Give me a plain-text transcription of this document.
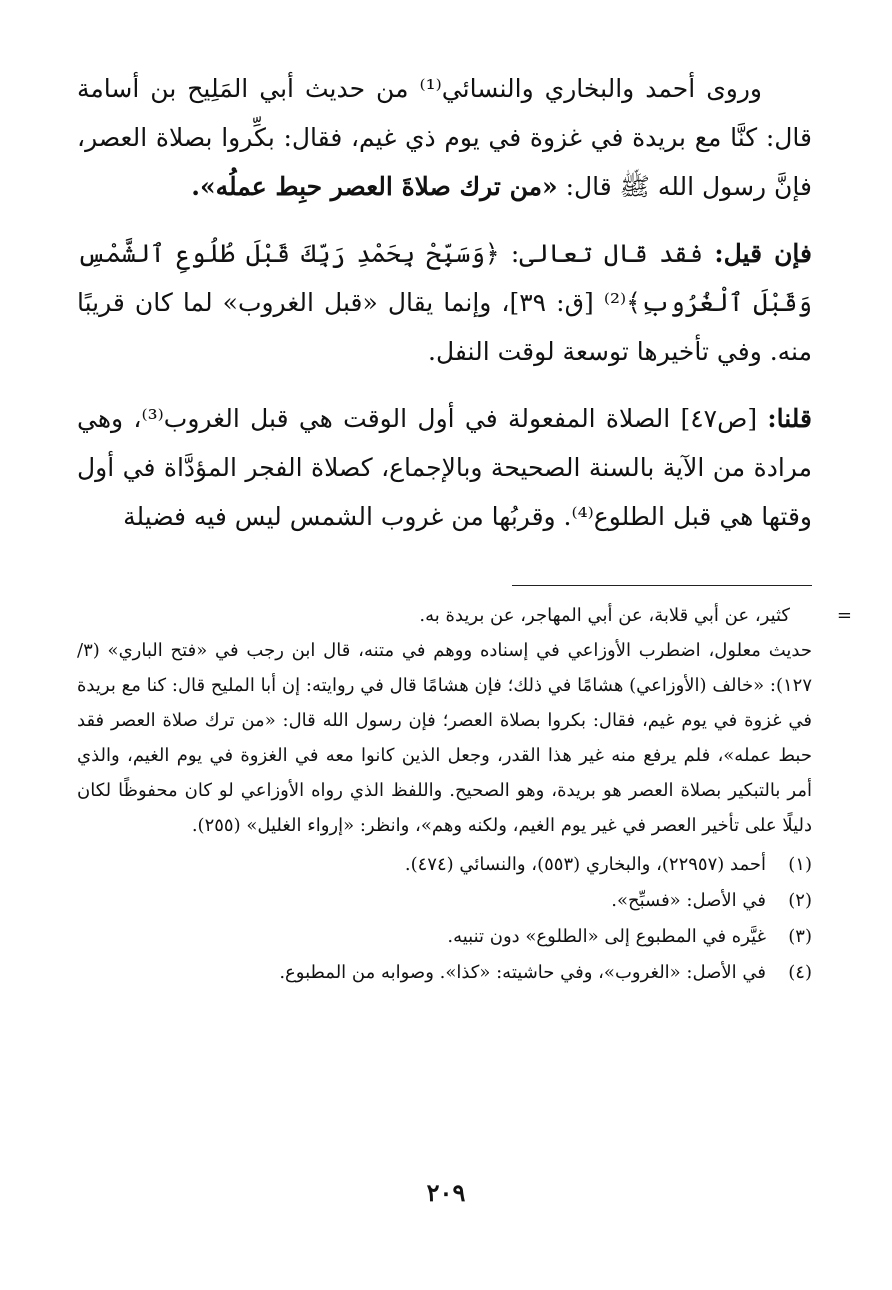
وروى أحمد والبخاري والنسائي⁽¹⁾ من حديث أبي المَلِيح بن أسامة قال: كنَّا مع بريدة في غزوة في يوم ذي غيم، فقال: بكِّروا بصلاة العصر، فإنَّ رسول الله ﷺ قال: «من ترك صلاةَ العصر حبِط عملُه».

فإن قيل: فقد قال تعالى: ﴿وَسَبِّحْ بِحَمْدِ رَبِّكَ قَبْلَ طُلُوعِ ٱلشَّمْسِ وَقَبْلَ ٱلْغُرُوبِ﴾⁽²⁾ [ق: ٣٩]، وإنما يقال «قبل الغروب» لما كان قريبًا منه. وفي تأخيرها توسعة لوقت النفل.

قلنا: [ص٤٧] الصلاة المفعولة في أول الوقت هي قبل الغروب⁽³⁾، وهي مرادة من الآية بالسنة الصحيحة وبالإجماع، كصلاة الفجر المؤدَّاة في أول وقتها هي قبل الطلوع⁽⁴⁾. وقربُها من غروب الشمس ليس فيه فضيلة

=
كثير، عن أبي قلابة، عن أبي المهاجر، عن بريدة به.
حديث معلول، اضطرب الأوزاعي في إسناده ووهم في متنه، قال ابن رجب في «فتح الباري» (٣/ ١٢٧): «خالف (الأوزاعي) هشامًا في ذلك؛ فإن هشامًا قال في روايته: إن أبا المليح قال: كنا مع بريدة في غزوة في يوم غيم، فقال: بكروا بصلاة العصر؛ فإن رسول الله قال: «من ترك صلاة العصر فقد حبط عمله»، فلم يرفع منه غير هذا القدر، وجعل الذين كانوا معه في الغزوة في يوم الغيم، والذي أمر بالتبكير بصلاة العصر هو بريدة، وهو الصحيح. واللفظ الذي رواه الأوزاعي لو كان محفوظًا لكان دليلًا على تأخير العصر في غير يوم الغيم، ولكنه وهم»، وانظر: «إرواء الغليل» (٢٥٥).
(١)
أحمد (٢٢٩٥٧)، والبخاري (٥٥٣)، والنسائي (٤٧٤).
(٢)
في الأصل: «فسبِّح».
(٣)
غيَّره في المطبوع إلى «الطلوع» دون تنبيه.
(٤)
في الأصل: «الغروب»، وفي حاشيته: «كذا». وصوابه من المطبوع.
٢٠٩
